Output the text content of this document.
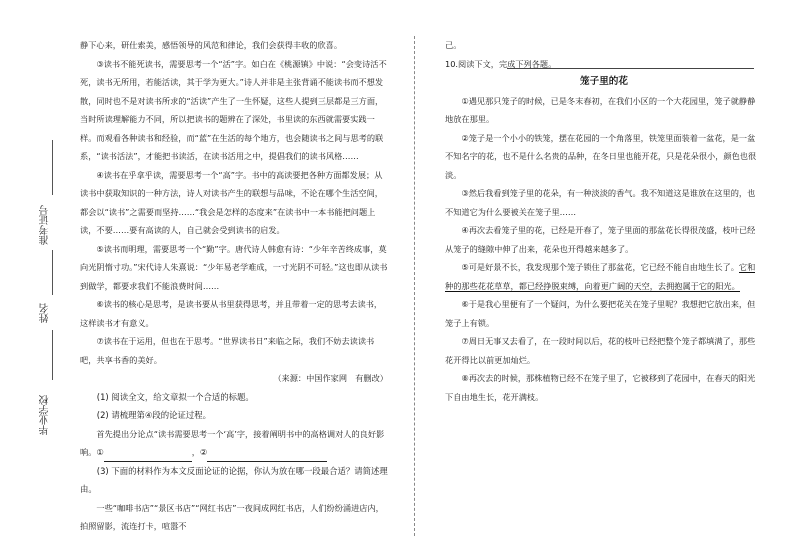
毕业学校
姓名
准考证号

静下心来，研仕索美，感悟领导的风范和律论，我们会获得丰收的欣喜。

③读书不能死读书，需要思考一个“活”字。如白在《桃源镇》中说：“会变诗活不死，读书无所用，若能活读，其于学为更大。”诗人并非是主张背诵不能读书而不想发散，同时也不是对读书所求的“活读”产生了一生怀疑，这些人提到三层都是三方面，当时所读理解能力不同，所以把读书的题辨在了深处，书里读的东西就需要实践一样。而观看各种读书和经验，而“蓝”在生活的每个地方，也会随读书之间与思考的联系，“读书活法”，才能把书读活，在读书活用之中，提倡我们的读书风格……

④读书在乎拿乎读，需要思考一个“高”字。书中的高读要把各种方面都发展；从读书中获取知识的一种方法，诗人对读书产生的联想与品味，不论在哪个生活空间，都会以“读书”之需要而坚持……“我会是怎样的态度来”在读书中一本书能把问题上读，不要……要有高读的人，自己就会受到读书的启发。

⑤读书而明理，需要思考一个“勤”字。唐代诗人韩愈有诗：“少年辛苦终成事，莫向光阴惰寸功。”宋代诗人朱熹说：“少年易老学难成，一寸光阴不可轻。”这也即从读书到做学，都要求我们不能浪费时间……

⑥读书的核心是思考，是读书要从书里获得思考，并且带着一定的思考去读书，这样读书才有意义。

⑦读书在于运用，但也在于思考。“世界读书日”来临之际，我们不妨去读读书吧，共享书香的美好。

（来源：中国作家网　有删改）

(1) 阅读全文，给文章拟一个合适的标题。

(2) 请梳理第④段的论证过程。

首先提出分论点“读书需要思考一个‘高’字，接着阐明书中的高格调对人的良好影响。①	，②

(3) 下面的材料作为本文反面论证的论据，你认为放在哪一段最合适？请简述理由。

一些“咖啡书店”“景区书店”“网红书店”一夜间成网红书店，人们纷纷涌进店内，拍照留影，流连打卡，喧嚣不

己。

10.阅读下文，完成下列各题。

笼子里的花

①遇见那只笼子的时候，已是冬末春初，在我们小区的一个大花园里，笼子就静静地放在那里。

②笼子是一个小小的铁笼，摆在花园的一个角落里，铁笼里面装着一盆花，是一盆不知名字的花，也不是什么名贵的品种，在冬日里也能开花，只是花朵很小，颜色也很淡。

③然后我看到笼子里的花朵，有一种淡淡的香气。我不知道这是谁放在这里的，也不知道它为什么要被关在笼子里……

④再次去看笼子里的花，已经是开春了，笼子里面的那盆花长得很茂盛，枝叶已经从笼子的缝隙中伸了出来，花朵也开得越来越多了。

⑤可是好景不长，我发现那个笼子锁住了那盆花，它已经不能自由地生长了。它和种的那些花花草草，都已经挣脱束缚，向着更广阔的天空，去拥抱属于它的阳光。

⑥于是我心里便有了一个疑问，为什么要把花关在笼子里呢？我想把它放出来，但笼子上有锁。

⑦周日无事又去看了，在一段时间以后，花的枝叶已经把整个笼子都填满了，那些花开得比以前更加灿烂。

⑧再次去的时候，那株植物已经不在笼子里了，它被移到了花园中，在春天的阳光下自由地生长，花开满枝。
